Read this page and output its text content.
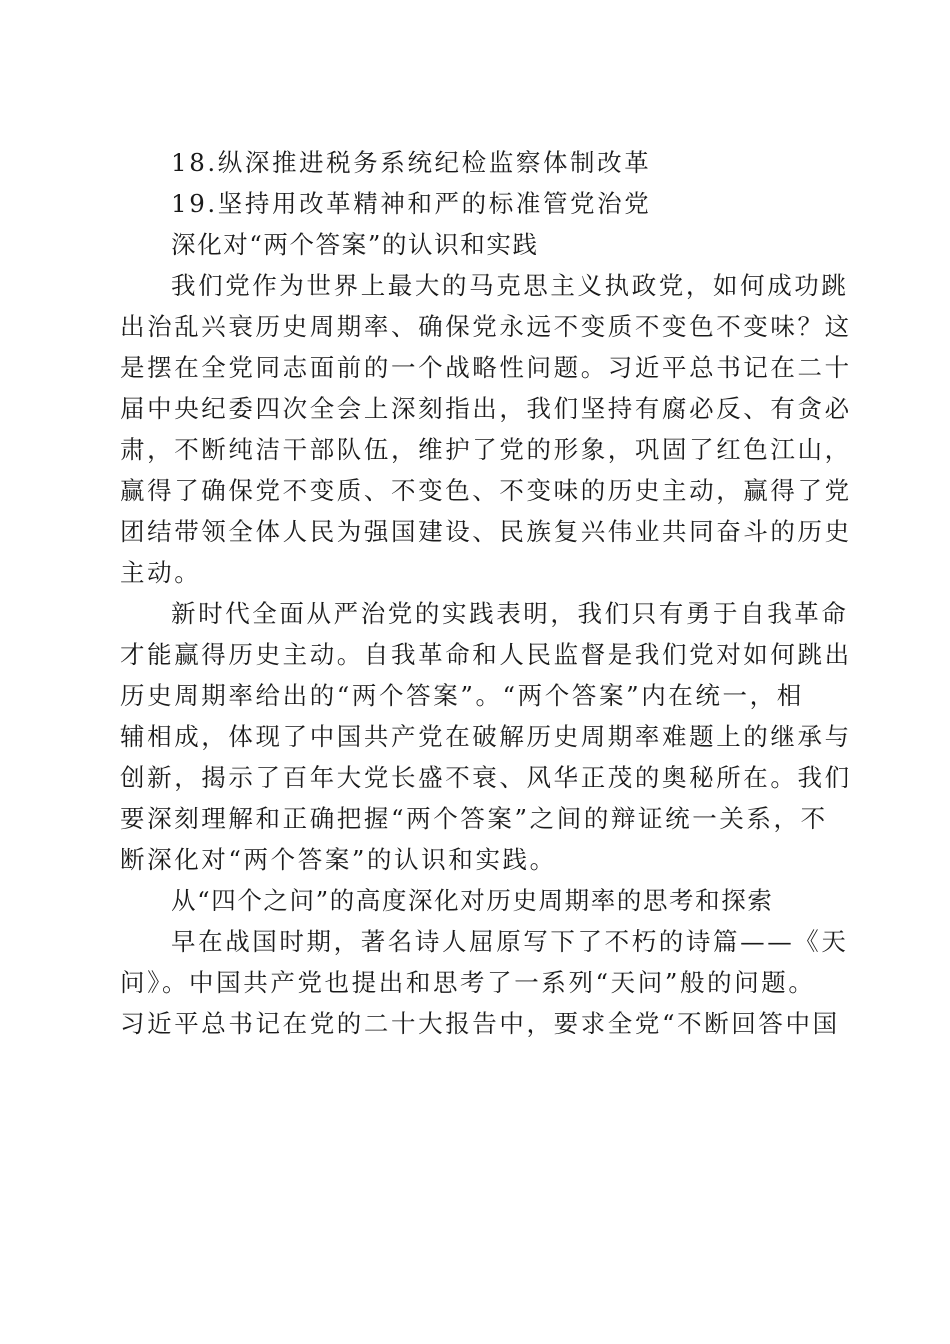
18.纵深推进税务系统纪检监察体制改革
19.坚持用改革精神和严的标准管党治党
深化对“两个答案”的认识和实践
我们党作为世界上最大的马克思主义执政党，如何成功跳
出治乱兴衰历史周期率、确保党永远不变质不变色不变味？这
是摆在全党同志面前的一个战略性问题。习近平总书记在二十
届中央纪委四次全会上深刻指出，我们坚持有腐必反、有贪必
肃，不断纯洁干部队伍，维护了党的形象，巩固了红色江山，
赢得了确保党不变质、不变色、不变味的历史主动，赢得了党
团结带领全体人民为强国建设、民族复兴伟业共同奋斗的历史
主动。
新时代全面从严治党的实践表明，我们只有勇于自我革命
才能赢得历史主动。自我革命和人民监督是我们党对如何跳出
历史周期率给出的“两个答案”。“两个答案”内在统一，相
辅相成，体现了中国共产党在破解历史周期率难题上的继承与
创新，揭示了百年大党长盛不衰、风华正茂的奥秘所在。我们
要深刻理解和正确把握“两个答案”之间的辩证统一关系，不
断深化对“两个答案”的认识和实践。
从“四个之问”的高度深化对历史周期率的思考和探索
早在战国时期，著名诗人屈原写下了不朽的诗篇——《天
问》。中国共产党也提出和思考了一系列“天问”般的问题。
习近平总书记在党的二十大报告中，要求全党“不断回答中国
